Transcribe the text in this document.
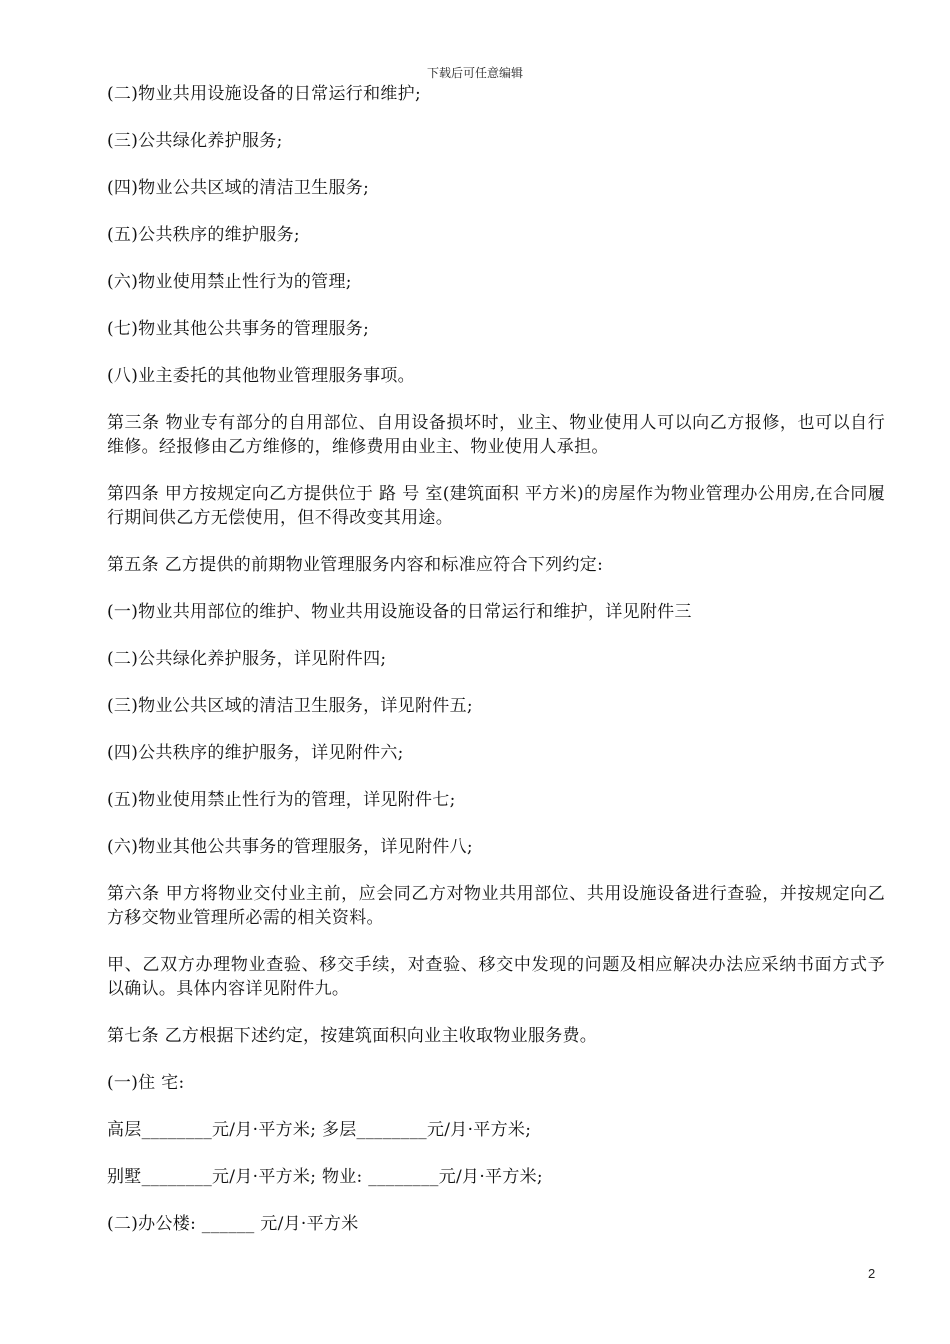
下载后可任意编辑

(二)物业共用设施设备的日常运行和维护;

(三)公共绿化养护服务;

(四)物业公共区域的清洁卫生服务;

(五)公共秩序的维护服务;

(六)物业使用禁止性行为的管理;

(七)物业其他公共事务的管理服务;

(八)业主委托的其他物业管理服务事项。

第三条 物业专有部分的自用部位、自用设备损坏时，业主、物业使用人可以向乙方报修，也可以自行维修。经报修由乙方维修的，维修费用由业主、物业使用人承担。

第四条 甲方按规定向乙方提供位于 路 号 室(建筑面积 平方米)的房屋作为物业管理办公用房,在合同履行期间供乙方无偿使用，但不得改变其用途。

第五条 乙方提供的前期物业管理服务内容和标准应符合下列约定:

(一)物业共用部位的维护、物业共用设施设备的日常运行和维护，详见附件三

(二)公共绿化养护服务，详见附件四;

(三)物业公共区域的清洁卫生服务，详见附件五;

(四)公共秩序的维护服务，详见附件六;

(五)物业使用禁止性行为的管理，详见附件七;

(六)物业其他公共事务的管理服务，详见附件八;

第六条 甲方将物业交付业主前，应会同乙方对物业共用部位、共用设施设备进行查验，并按规定向乙方移交物业管理所必需的相关资料。

甲、乙双方办理物业查验、移交手续，对查验、移交中发现的问题及相应解决办法应采纳书面方式予以确认。具体内容详见附件九。

第七条 乙方根据下述约定，按建筑面积向业主收取物业服务费。

(一)住 宅:

高层________元/月·平方米; 多层________元/月·平方米;

别墅________元/月·平方米; 物业: ________元/月·平方米;

(二)办公楼: ______ 元/月·平方米

2
